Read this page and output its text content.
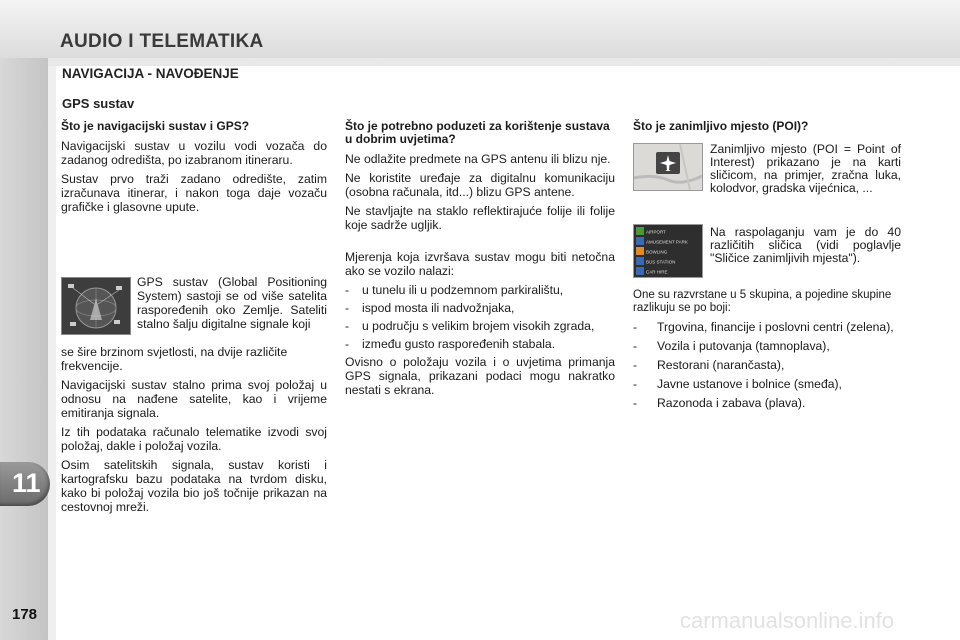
AUDIO I TELEMATIKA
NAVIGACIJA - NAVOĐENJE
GPS sustav
11
178	carmanualsonline.info
Što je navigacijski sustav i GPS?

Navigacijski sustav u vozilu vodi vozača do zadanog odredišta, po izabranom itineraru.

Sustav prvo traži zadano odredište, zatim izračunava itinerar, i nakon toga daje vozaču grafičke i glasovne upute.

GPS sustav (Global Positioning System) sastoji se od više satelita raspoređenih oko Zemlje. Sateliti stalno šalju digitalne signale koji

se šire brzinom svjetlosti, na dvije različite frekvencije.

Navigacijski sustav stalno prima svoj položaj u odnosu na nađene satelite, kao i vrijeme emitiranja signala.

Iz tih podataka računalo telematike izvodi svoj položaj, dakle i položaj vozila.

Osim satelitskih signala, sustav koristi i kartografsku bazu podataka na tvrdom disku, kako bi položaj vozila bio još točnije prikazan na cestovnoj mreži.

Što je potrebno poduzeti za korištenje sustava u dobrim uvjetima?

Ne odlažite predmete na GPS antenu ili blizu nje.

Ne koristite uređaje za digitalnu komunikaciju (osobna računala, itd...) blizu GPS antene.

Ne stavljajte na staklo reflektirajuće folije ili folije koje sadrže ugljik.

Mjerenja koja izvršava sustav mogu biti netočna ako se vozilo nalazi:

- u tunelu ili u podzemnom parkiralištu,
- ispod mosta ili nadvožnjaka,
- u području s velikim brojem visokih zgrada,
- između gusto raspoređenih stabala.

Ovisno o položaju vozila i o uvjetima primanja GPS signala, prikazani podaci mogu nakratko nestati s ekrana.

Što je zanimljivo mjesto (POI)?
Zanimljivo mjesto (POI = Point of Interest) prikazano je na karti sličicom, na primjer, zračna luka, kolodvor, gradska vijećnica, ...
AIRPORT
AMUSEMENT PARK
BOWLING
BUS STATION
CAR HIRE
Na raspolaganju vam je do 40 različitih sličica (vidi poglavlje "Sličice zanimljivih mjesta").

One su razvrstane u 5 skupina, a pojedine skupine razlikuju se po boji:

- Trgovina, financije i poslovni centri (zelena),
- Vozila i putovanja (tamnoplava),
- Restorani (narančasta),
- Javne ustanove i bolnice (smeđa),
- Razonoda i zabava (plava).
